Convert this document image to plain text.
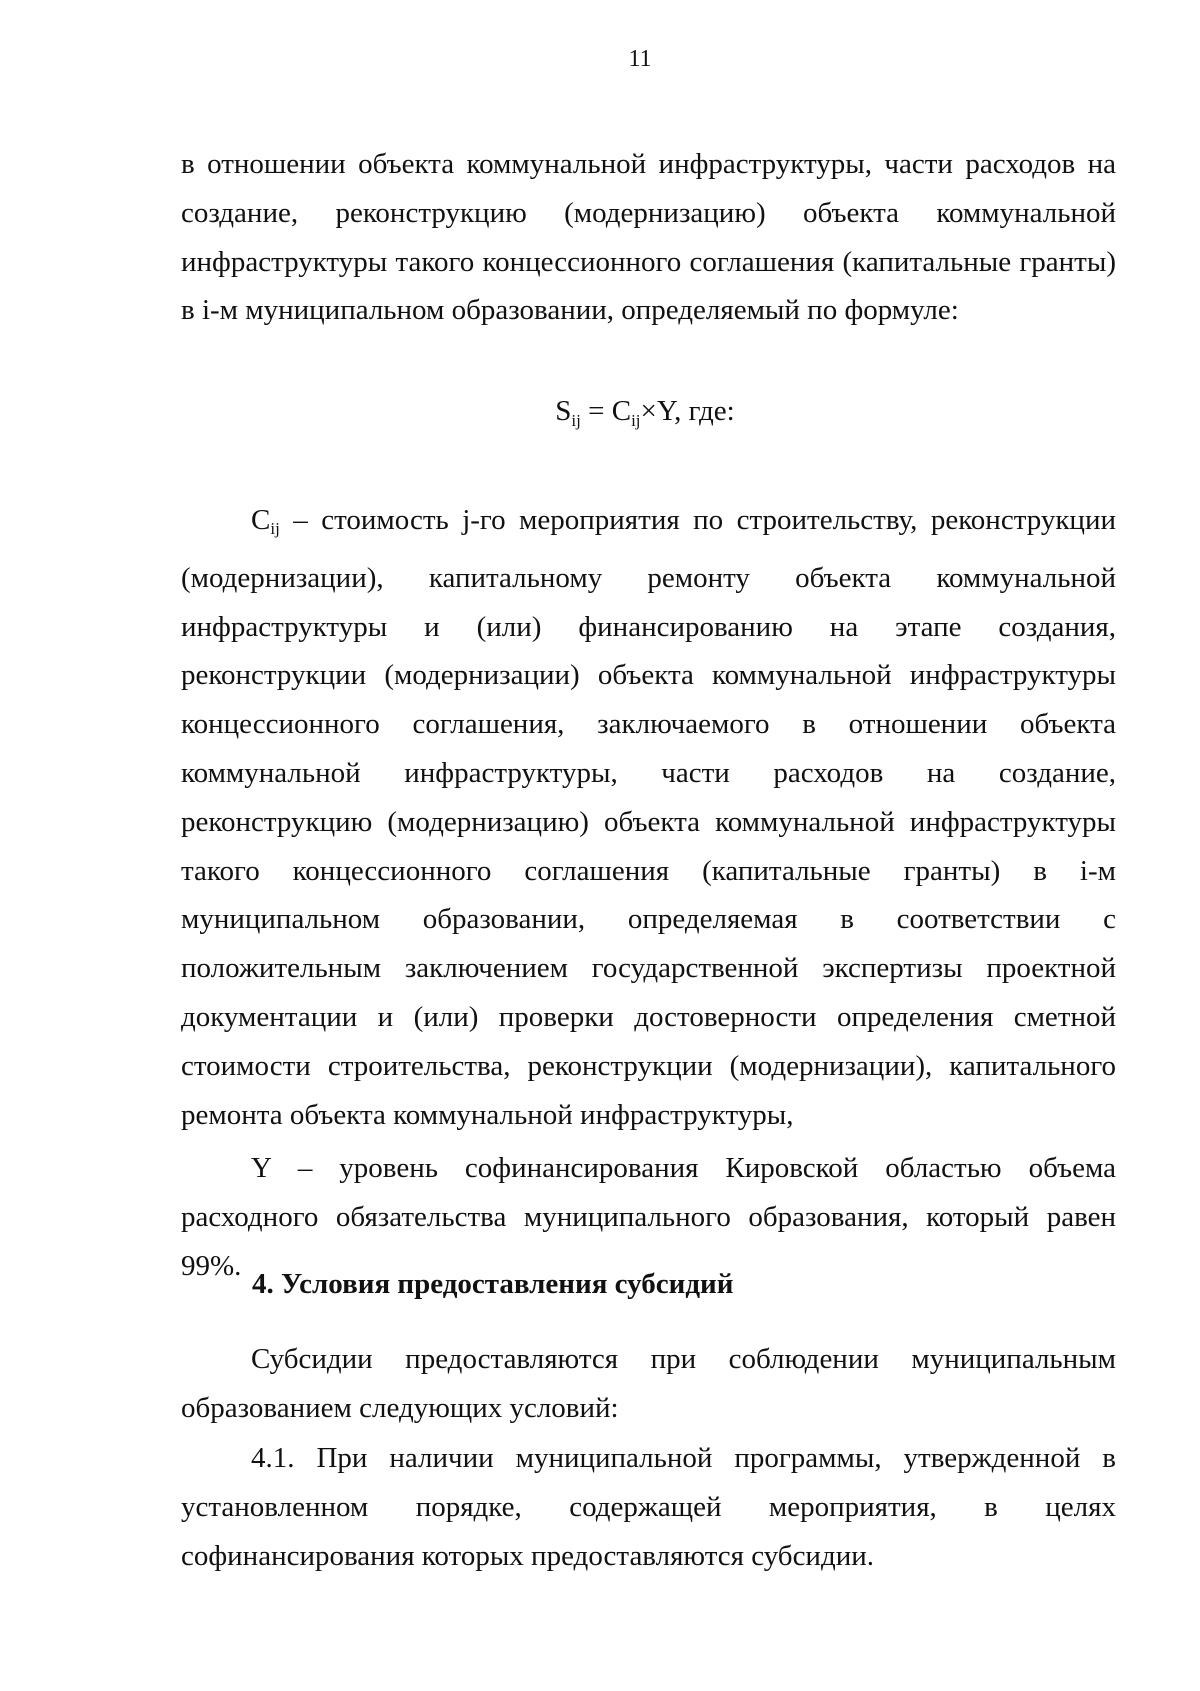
11

в отношении объекта коммунальной инфраструктуры, части расходов на создание, реконструкцию (модернизацию) объекта коммунальной инфраструктуры такого концессионного соглашения (капитальные гранты) в i-м муниципальном образовании, определяемый по формуле:

$S_{ij} = C_{ij}\times Y$, где:

$C_{ij}$ – стоимость j-го мероприятия по строительству, реконструкции (модернизации), капитальному ремонту объекта коммунальной инфраструктуры и (или) финансированию на этапе создания, реконструкции (модернизации) объекта коммунальной инфраструктуры концессионного соглашения, заключаемого в отношении объекта коммунальной инфраструктуры, части расходов на создание, реконструкцию (модернизацию) объекта коммунальной инфраструктуры такого концессионного соглашения (капитальные гранты) в i-м муниципальном образовании, определяемая в соответствии с положительным заключением государственной экспертизы проектной документации и (или) проверки достоверности определения сметной стоимости строительства, реконструкции (модернизации), капитального ремонта объекта коммунальной инфраструктуры,

Y – уровень софинансирования Кировской областью объема расходного обязательства муниципального образования, который равен 99%.

4. Условия предоставления субсидий

Субсидии предоставляются при соблюдении муниципальным образованием следующих условий:

4.1. При наличии муниципальной программы, утвержденной в установленном порядке, содержащей мероприятия, в целях софинансирования которых предоставляются субсидии.
